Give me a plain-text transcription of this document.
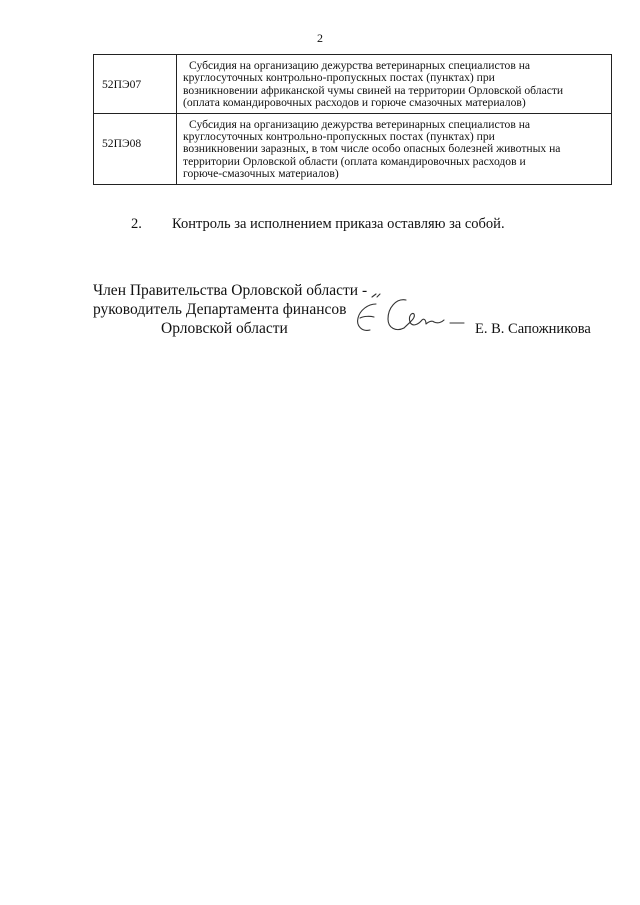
2
52ПЭ07	Субсидия на организацию дежурства ветеринарных специалистов на
круглосуточных контрольно-пропускных постах (пунктах) при
возникновении африканской чумы свиней на территории Орловской области
(оплата командировочных расходов и горюче смазочных материалов)

52ПЭ08	Субсидия на организацию дежурства ветеринарных специалистов на
круглосуточных контрольно-пропускных постах (пунктах) при
возникновении заразных, в том числе особо опасных болезней животных на
территории Орловской области (оплата командировочных расходов и
горюче-смазочных материалов)
2. Контроль за исполнением приказа оставляю за собой.
Член Правительства Орловской области -
руководитель Департамента финансов
Орловской области	Е. В. Сапожникова
